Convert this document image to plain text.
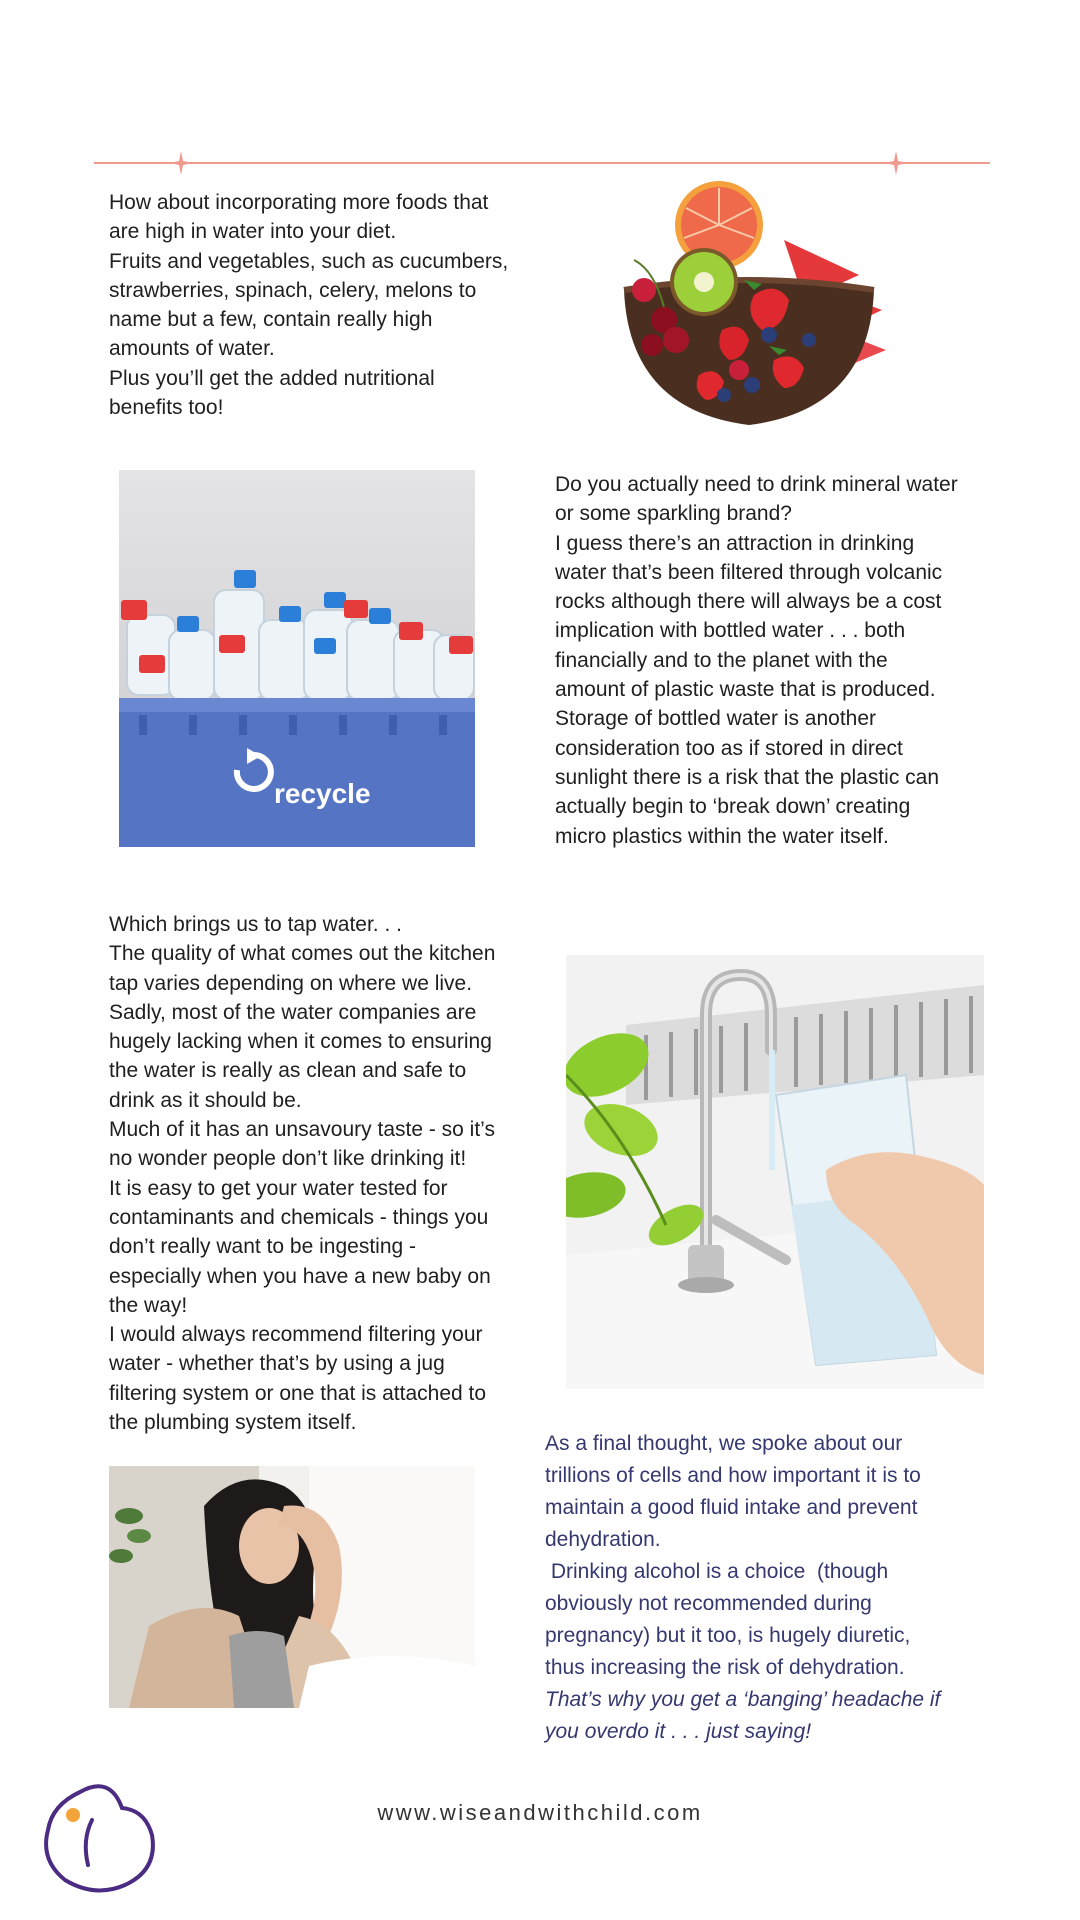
How about incorporating more foods that

are high in water into your diet.

Fruits and vegetables, such as cucumbers,

strawberries, spinach, celery, melons to

name but a few, contain really high

amounts of water.

Plus you’ll get the added nutritional

benefits too!

recycle

Do you actually need to drink mineral water

or some sparkling brand?

I guess there’s an attraction in drinking

water that’s been filtered through volcanic

rocks although there will always be a cost

implication with bottled water . . . both

financially and to the planet with the

amount of plastic waste that is produced.

Storage of bottled water is another

consideration too as if stored in direct

sunlight there is a risk that the plastic can

actually begin to ‘break down’ creating

micro plastics within the water itself.

Which brings us to tap water. . .

The quality of what comes out the kitchen

tap varies depending on where we live.

Sadly, most of the water companies are

hugely lacking when it comes to ensuring

the water is really as clean and safe to

drink as it should be.

Much of it has an unsavoury taste - so it’s

no wonder people don’t like drinking it!

It is easy to get your water tested for

contaminants and chemicals - things you

don’t really want to be ingesting -

especially when you have a new baby on

the way!

I would always recommend filtering your

water - whether that’s by using a jug

filtering system or one that is attached to

the plumbing system itself.

As a final thought, we spoke about our

trillions of cells and how important it is to

maintain a good fluid intake and prevent

dehydration.

Drinking alcohol is a choice  (though

obviously not recommended during

pregnancy) but it too, is hugely diuretic,

thus increasing the risk of dehydration.

That’s why you get a ‘banging’ headache if

you overdo it . . . just saying!

www.wiseandwithchild.com
